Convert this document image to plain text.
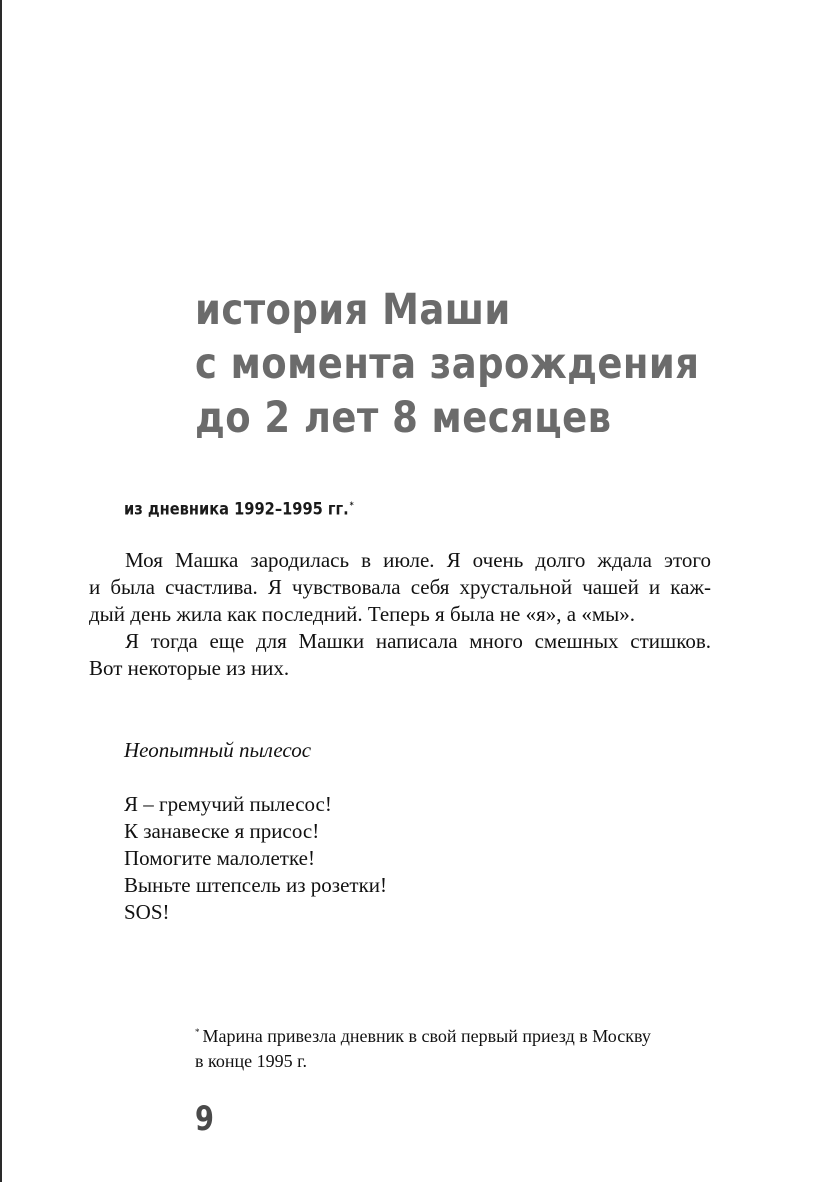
история Маши
с момента зарождения
до 2 лет 8 месяцев
из дневника 1992–1995 гг.*
Моя Машка зародилась в июле. Я очень долго ждала этого
и была счастлива. Я чувствовала себя хрустальной чашей и каж-
дый день жила как последний. Теперь я была не «я», а «мы».
Я тогда еще для Машки написала много смешных стишков.
Вот некоторые из них.

Неопытный пылесос

Я – гремучий пылесос!
К занавеске я присос!
Помогите малолетке!
Выньте штепсель из розетки!
SOS!
* Марина привезла дневник в свой первый приезд в Москву
в конце 1995 г.
9
